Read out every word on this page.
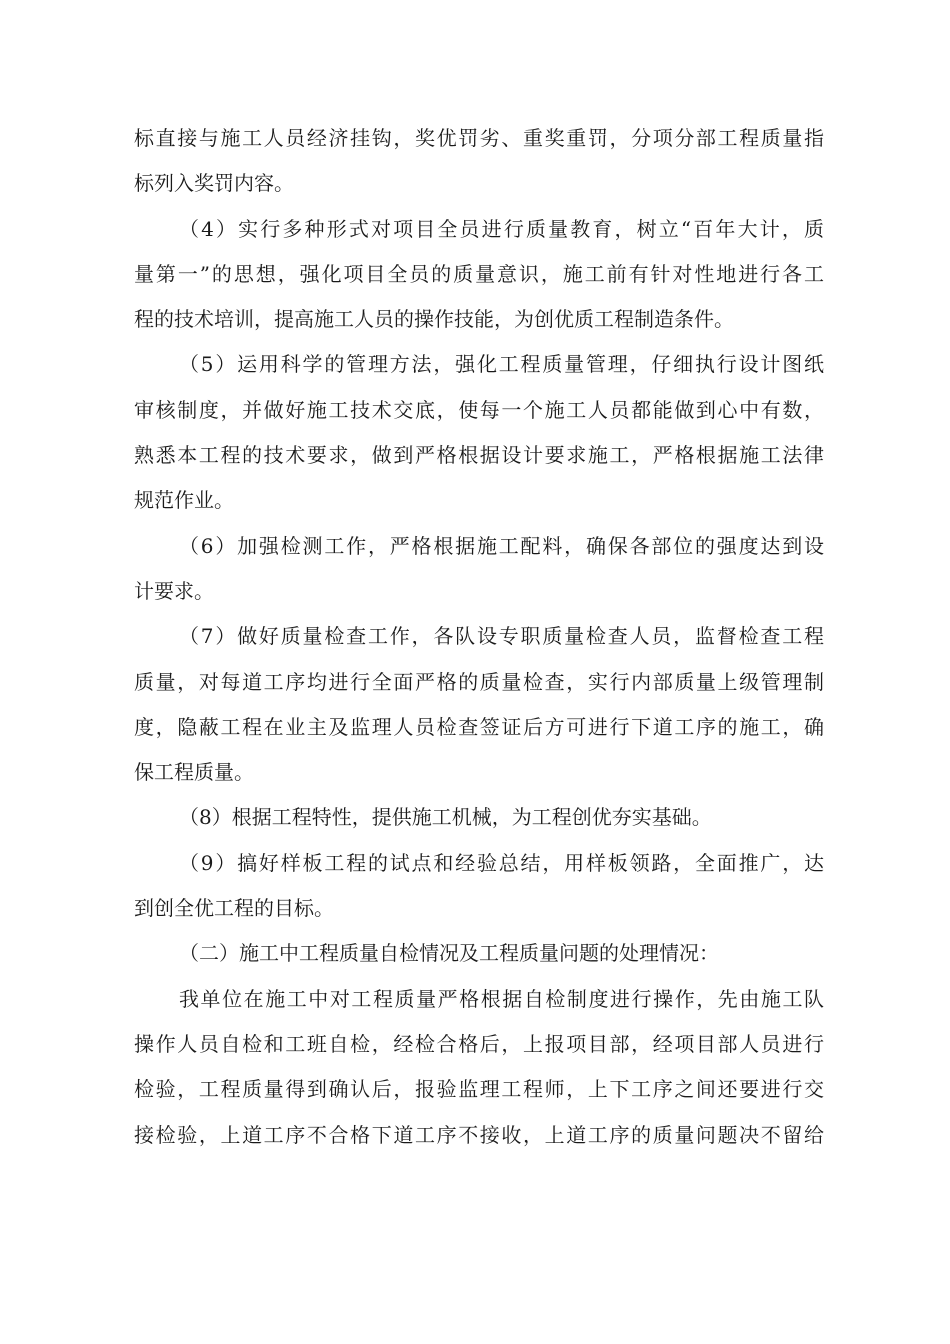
标直接与施工人员经济挂钩，奖优罚劣、重奖重罚，分项分部工程质量指
标列入奖罚内容。
（4）实行多种形式对项目全员进行质量教育，树立“百年大计，质
量第一”的思想，强化项目全员的质量意识，施工前有针对性地进行各工
程的技术培训，提高施工人员的操作技能，为创优质工程制造条件。
（5）运用科学的管理方法，强化工程质量管理，仔细执行设计图纸
审核制度，并做好施工技术交底，使每一个施工人员都能做到心中有数，
熟悉本工程的技术要求，做到严格根据设计要求施工，严格根据施工法律
规范作业。
（6）加强检测工作，严格根据施工配料，确保各部位的强度达到设
计要求。
（7）做好质量检查工作，各队设专职质量检查人员，监督检查工程
质量，对每道工序均进行全面严格的质量检查，实行内部质量上级管理制
度，隐蔽工程在业主及监理人员检查签证后方可进行下道工序的施工，确
保工程质量。
（8）根据工程特性，提供施工机械，为工程创优夯实基础。
（9）搞好样板工程的试点和经验总结，用样板领路，全面推广，达
到创全优工程的目标。
（二）施工中工程质量自检情况及工程质量问题的处理情况：
我单位在施工中对工程质量严格根据自检制度进行操作，先由施工队
操作人员自检和工班自检，经检合格后，上报项目部，经项目部人员进行
检验，工程质量得到确认后，报验监理工程师，上下工序之间还要进行交
接检验，上道工序不合格下道工序不接收，上道工序的质量问题决不留给
